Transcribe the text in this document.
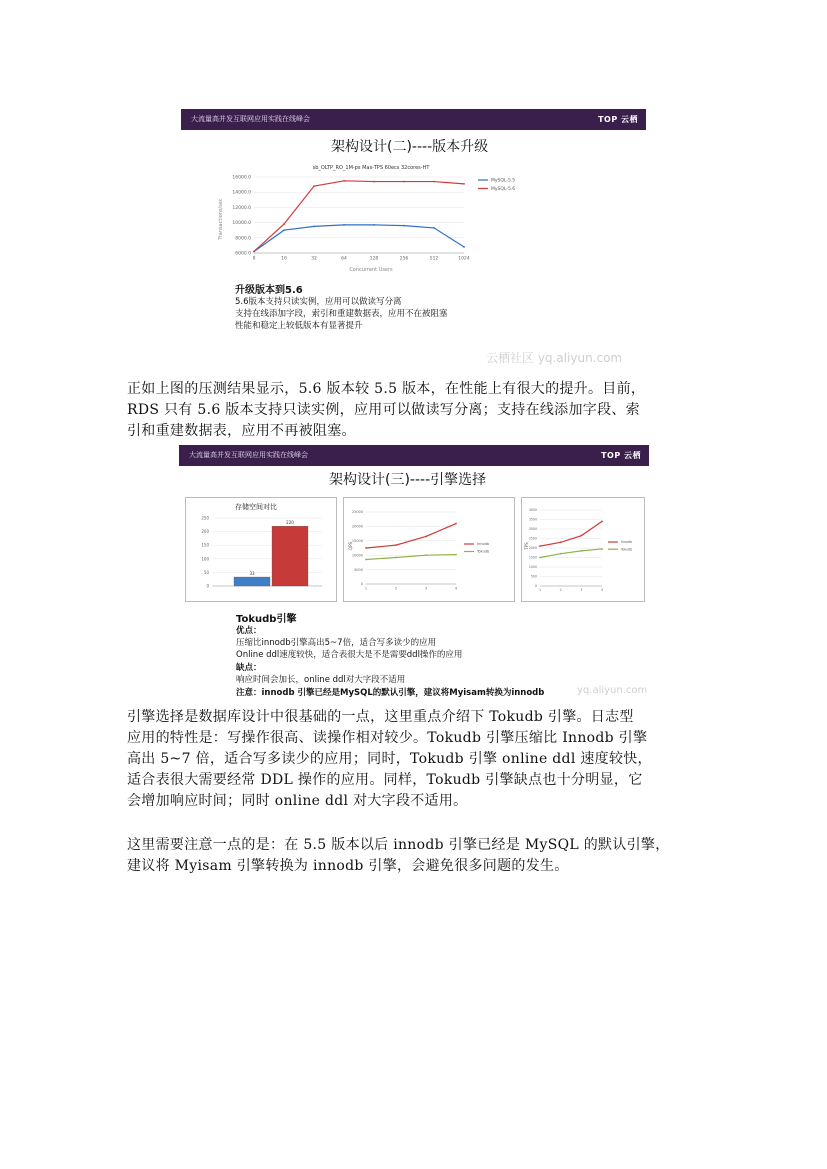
大流量高并发互联网应用实践在线峰会	TOP 云栖
架构设计(二)----版本升级
sb_OLTP_RO_1M-ps Max-TPS 60ecs 32cores-HT
16000.0
14000.0
12000.0
10000.0
8000.0
6000.0
8	16	32	64	128	256	512	1024
MySQL-5.5
MySQL-5.6
Concurrent Users
Transactions/sec
升级版本到5.6
5.6版本支持只读实例，应用可以做读写分离
支持在线添加字段，索引和重建数据表，应用不在被阻塞
性能和稳定上较低版本有显著提升
云栖社区 yq.aliyun.com
正如上图的压测结果显示，5.6 版本较 5.5 版本，在性能上有很大的提升。目前，
RDS 只有 5.6 版本支持只读实例，应用可以做读写分离；支持在线添加字段、索
引和重建数据表，应用不再被阻塞。
大流量高并发互联网应用实践在线峰会	TOP 云栖
架构设计(三)----引擎选择
存储空间对比
250
200
150
100
50
0
33
220
QPS
25000
20000
15000
10000
5000
0
1	2	3	4
Innodb
Tokudb
TPS
4000
3500
3000
2500
2000
1500
1000
500
0
1	2	3	4
Innodb
Tokudb
Tokudb引擎
优点：
压缩比innodb引擎高出5~7倍，适合写多读少的应用
Online ddl速度较快，适合表很大是不是需要ddl操作的应用
缺点：
响应时间会加长，online ddl对大字段不适用
注意：innodb 引擎已经是MySQL的默认引擎，建议将Myisam转换为innodb	yq.aliyun.com
引擎选择是数据库设计中很基础的一点，这里重点介绍下 Tokudb 引擎。日志型
应用的特性是：写操作很高、读操作相对较少。Tokudb 引擎压缩比 Innodb 引擎
高出 5~7 倍，适合写多读少的应用；同时，Tokudb 引擎 online ddl 速度较快，
适合表很大需要经常 DDL 操作的应用。同样，Tokudb 引擎缺点也十分明显，它
会增加响应时间；同时 online ddl 对大字段不适用。
这里需要注意一点的是：在 5.5 版本以后 innodb 引擎已经是 MySQL 的默认引擎，
建议将 Myisam 引擎转换为 innodb 引擎，会避免很多问题的发生。
